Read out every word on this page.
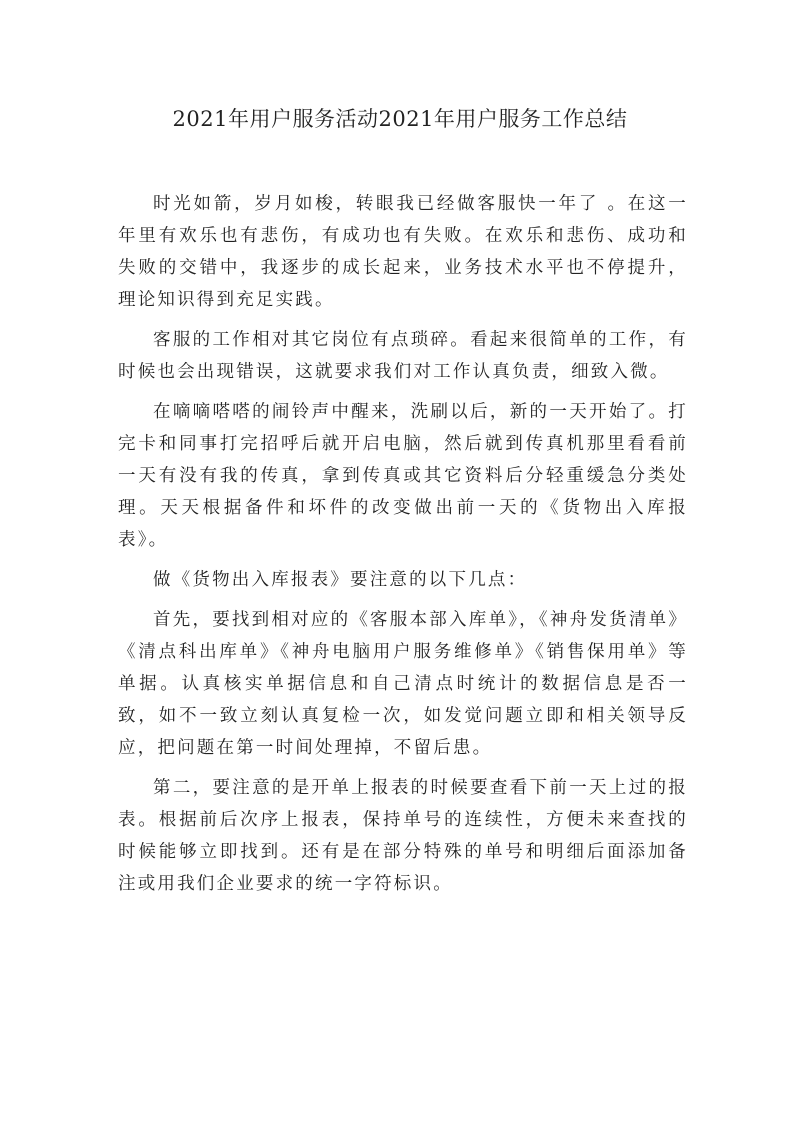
2021年用户服务活动2021年用户服务工作总结

时光如箭，岁月如梭，转眼我已经做客服快一年了 。在这一年里有欢乐也有悲伤，有成功也有失败。在欢乐和悲伤、成功和失败的交错中，我逐步的成长起来，业务技术水平也不停提升，理论知识得到充足实践。

客服的工作相对其它岗位有点琐碎。看起来很简单的工作，有时候也会出现错误，这就要求我们对工作认真负责，细致入微。

在嘀嘀嗒嗒的闹铃声中醒来，洗刷以后，新的一天开始了。打完卡和同事打完招呼后就开启电脑，然后就到传真机那里看看前一天有没有我的传真，拿到传真或其它资料后分轻重缓急分类处理。天天根据备件和坏件的改变做出前一天的《货物出入库报表》。

做《货物出入库报表》要注意的以下几点：

首先，要找到相对应的《客服本部入库单》，《神舟发货清单》《清点科出库单》《神舟电脑用户服务维修单》《销售保用单》等单据。认真核实单据信息和自己清点时统计的数据信息是否一致，如不一致立刻认真复检一次，如发觉问题立即和相关领导反应，把问题在第一时间处理掉，不留后患。

第二，要注意的是开单上报表的时候要查看下前一天上过的报表。根据前后次序上报表，保持单号的连续性，方便未来查找的时候能够立即找到。还有是在部分特殊的单号和明细后面添加备注或用我们企业要求的统一字符标识。
